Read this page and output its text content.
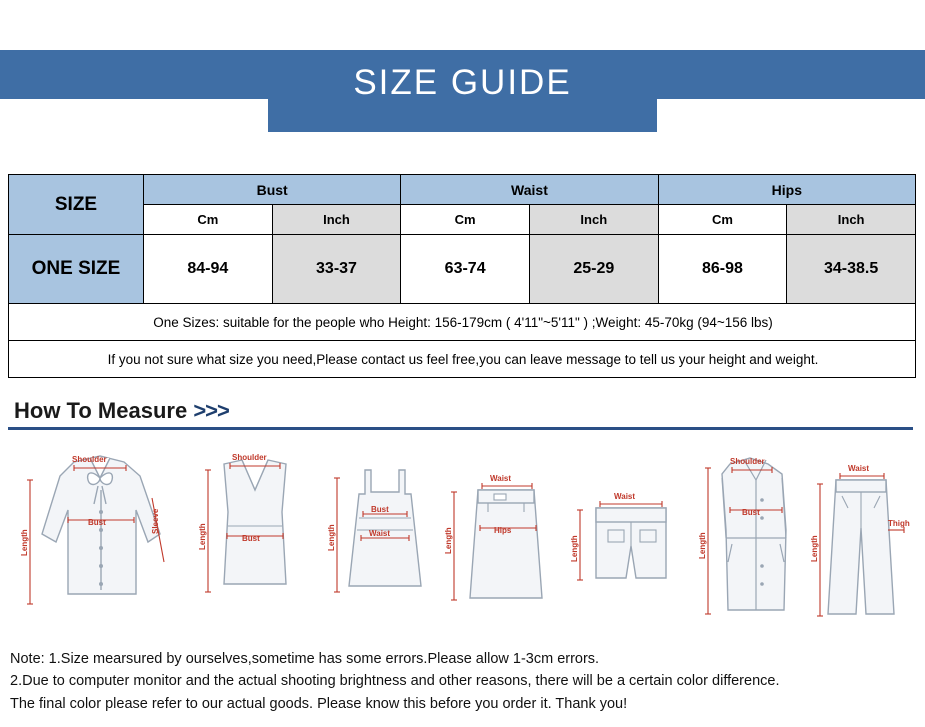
SIZE GUIDE
SIZE	Bust		Waist		Hips	
	Cm	Inch	Cm	Inch	Cm	Inch
ONE SIZE	84-94	33-37	63-74	25-29	86-98	34-38.5
One Sizes: suitable for the people who Height: 156-179cm ( 4'11"~5'11" ) ;Weight: 45-70kg (94~156 lbs)						
If you not sure what size you need,Please contact us feel free,you can leave message to tell us your height and weight.						
How To Measure >>>
Shoulder
Bust	Sleeve
Length
Shoulder
Bust
Length
Bust
Waist
Length
Waist
Hips
Length
Waist
Length
Shoulder
Bust
Length
Waist
Thigh
Length
Note: 1.Size mearsured by ourselves,sometime has some errors.Please allow 1-3cm errors.
2.Due to computer monitor and the actual shooting brightness and other reasons, there will be a certain color difference.
The final color please refer to our actual goods. Please know this before you order it. Thank you!
